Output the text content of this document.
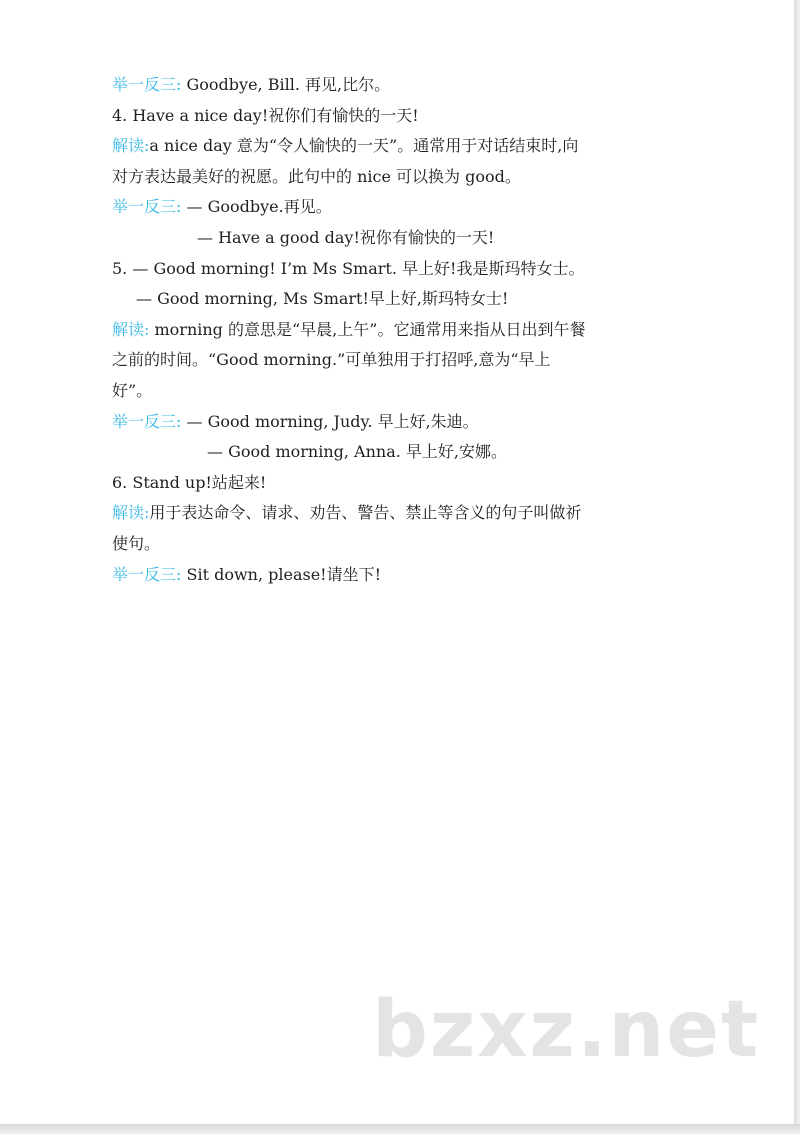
举一反三: Goodbye, Bill. 再见,比尔。
4. Have a nice day!祝你们有愉快的一天!
解读:a nice day 意为“令人愉快的一天”。通常用于对话结束时,向
对方表达最美好的祝愿。此句中的 nice 可以换为 good。
举一反三: — Goodbye.再见。
— Have a good day!祝你有愉快的一天!
5. — Good morning! I’m Ms Smart. 早上好!我是斯玛特女士。
— Good morning, Ms Smart!早上好,斯玛特女士!
解读: morning 的意思是“早晨,上午”。它通常用来指从日出到午餐
之前的时间。“Good morning.”可单独用于打招呼,意为“早上
好”。
举一反三: — Good morning, Judy. 早上好,朱迪。
— Good morning, Anna. 早上好,安娜。
6. Stand up!站起来!
解读:用于表达命令、请求、劝告、警告、禁止等含义的句子叫做祈
使句。
举一反三: Sit down, please!请坐下!
bzxz.net
